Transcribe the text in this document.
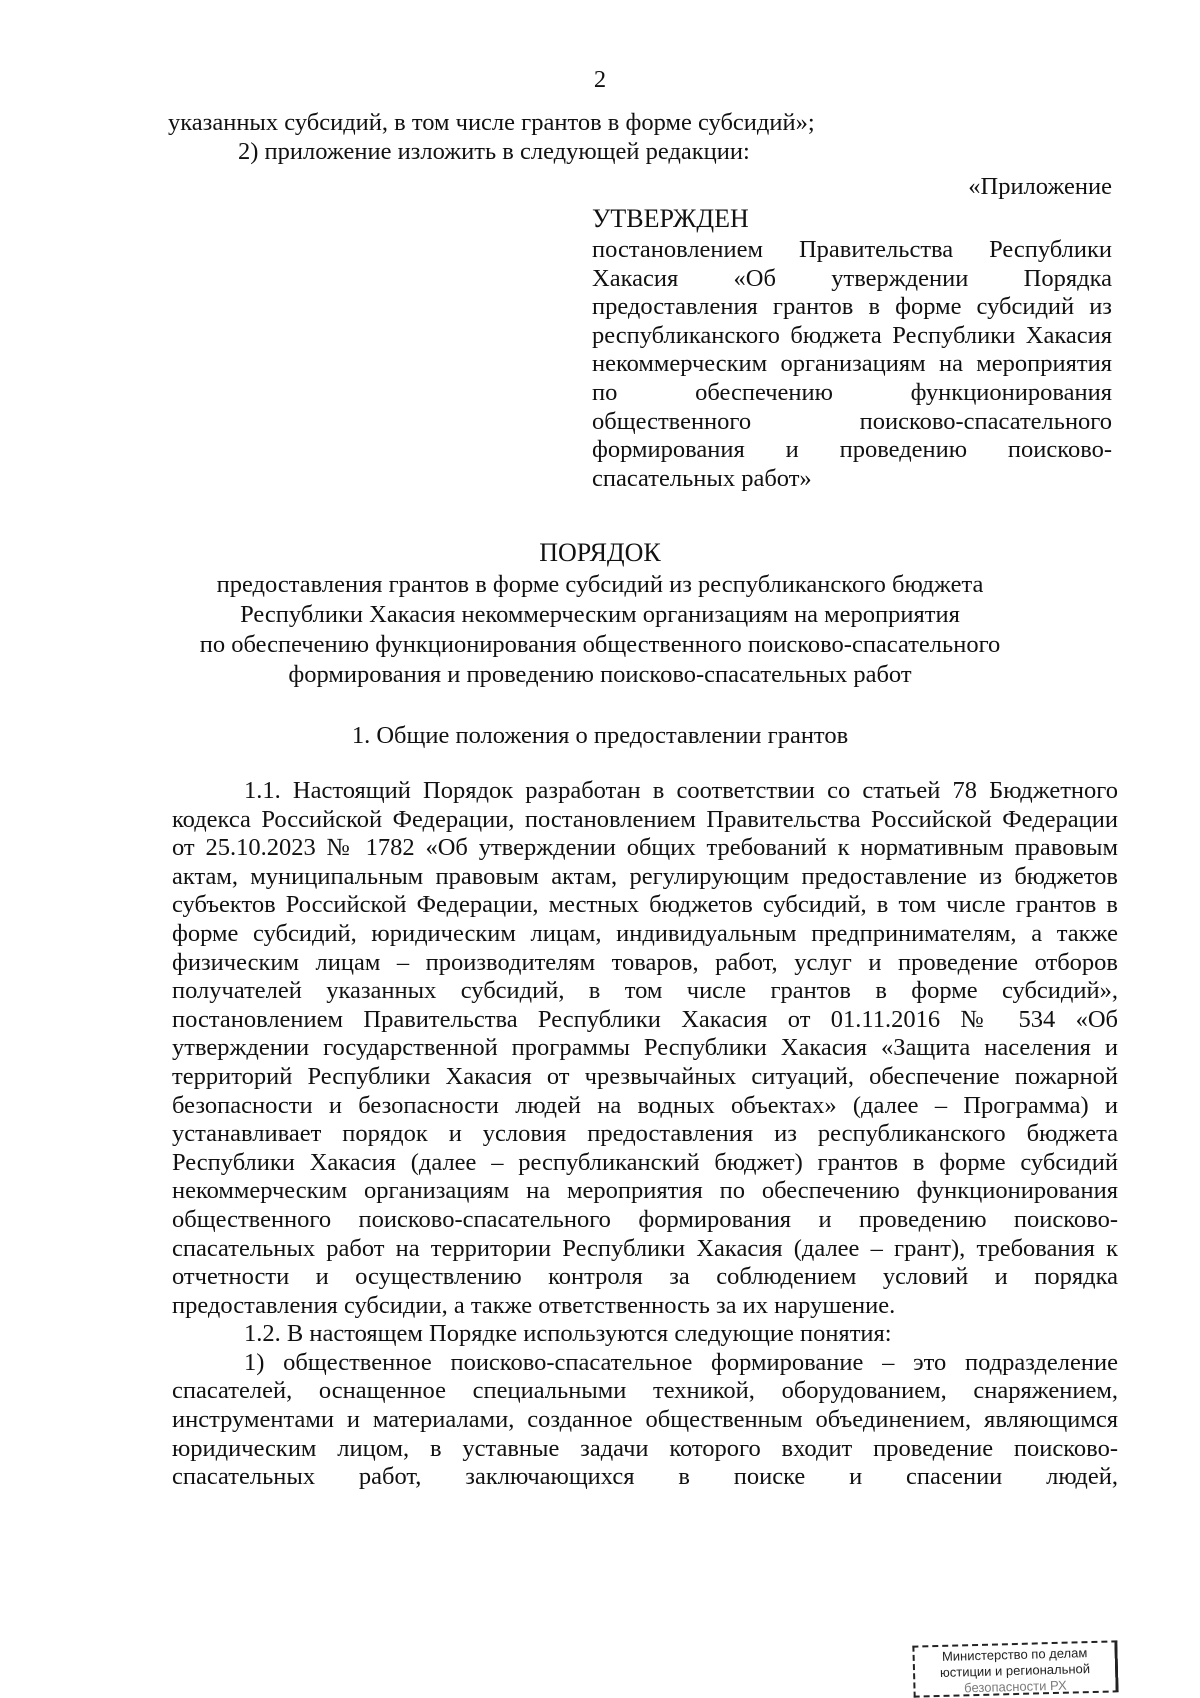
2

указанных субсидий, в том числе грантов в форме субсидий»;

2) приложение изложить в следующей редакции:

«Приложение

УТВЕРЖДЕН

постановлением Правительства Республики Хакасия «Об утверждении Порядка предоставления грантов в форме субсидий из республиканского бюджета Республики Хакасия некоммерческим организациям на мероприятия по обеспечению функционирования общественного поисково-спасательного формирования и проведению поисково-спасательных работ»

ПОРЯДОК
предоставления грантов в форме субсидий из республиканского бюджета
Республики Хакасия некоммерческим организациям на мероприятия
по обеспечению функционирования общественного поисково-спасательного
формирования и проведению поисково-спасательных работ
1. Общие положения о предоставлении грантов

1.1. Настоящий Порядок разработан в соответствии со статьей 78 Бюджетного кодекса Российской Федерации, постановлением Правительства Российской Федерации от 25.10.2023 № 1782 «Об утверждении общих требований к нормативным правовым актам, муниципальным правовым актам, регулирующим предоставление из бюджетов субъектов Российской Федерации, местных бюджетов субсидий, в том числе грантов в форме субсидий, юридическим лицам, индивидуальным предпринимателям, а также физическим лицам – производителям товаров, работ, услуг и проведение отборов получателей указанных субсидий, в том числе грантов в форме субсидий», постановлением Правительства Республики Хакасия от 01.11.2016 № 534 «Об утверждении государственной программы Республики Хакасия «Защита населения и территорий Республики Хакасия от чрезвычайных ситуаций, обеспечение пожарной безопасности и безопасности людей на водных объектах» (далее – Программа) и устанавливает порядок и условия предоставления из республиканского бюджета Республики Хакасия (далее – республиканский бюджет) грантов в форме субсидий некоммерческим организациям на мероприятия по обеспечению функционирования общественного поисково-спасательного формирования и проведению поисково-спасательных работ на территории Республики Хакасия (далее – грант), требования к отчетности и осуществлению контроля за соблюдением условий и порядка предоставления субсидии, а также ответственность за их нарушение.

1.2. В настоящем Порядке используются следующие понятия:

1) общественное поисково-спасательное формирование – это подразделение спасателей, оснащенное специальными техникой, оборудованием, снаряжением, инструментами и материалами, созданное общественным объединением, являющимся юридическим лицом, в уставные задачи которого входит проведение поисково-спасательных работ, заключающихся в поиске и спасении людей,

Министерство по делам
юстиции и региональной
безопасности РХ
